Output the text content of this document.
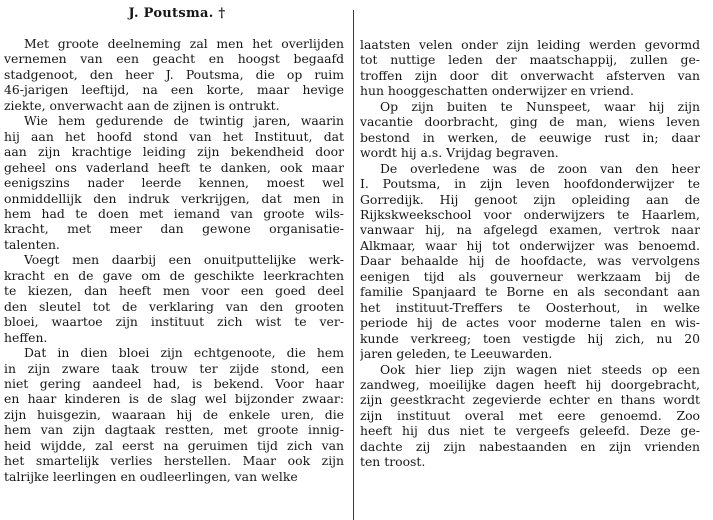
J. Poutsma. †
Met groote deelneming zal men het overlijden
vernemen van een geacht en hoogst begaafd
stadgenoot, den heer J. Poutsma, die op ruim
46-jarigen leeftijd, na een korte, maar hevige
ziekte, onverwacht aan de zijnen is ontrukt.
Wie hem gedurende de twintig jaren, waarin
hij aan het hoofd stond van het Instituut, dat
aan zijn krachtige leiding zijn bekendheid door
geheel ons vaderland heeft te danken, ook maar
eenigszins nader leerde kennen, moest wel
onmiddellijk den indruk verkrijgen, dat men in
hem had te doen met iemand van groote wils-
kracht, met meer dan gewone organisatie-
talenten.
Voegt men daarbij een onuitputtelijke werk-
kracht en de gave om de geschikte leerkrachten
te kiezen, dan heeft men voor een goed deel
den sleutel tot de verklaring van den grooten
bloei, waartoe zijn instituut zich wist te ver-
heffen.
Dat in dien bloei zijn echtgenoote, die hem
in zijn zware taak trouw ter zijde stond, een
niet gering aandeel had, is bekend. Voor haar
en haar kinderen is de slag wel bijzonder zwaar:
zijn huisgezin, waaraan hij de enkele uren, die
hem van zijn dagtaak restten, met groote innig-
heid wijdde, zal eerst na geruimen tijd zich van
het smartelijk verlies herstellen. Maar ook zijn
talrijke leerlingen en oudleerlingen, van welke
laatsten velen onder zijn leiding werden gevormd
tot nuttige leden der maatschappij, zullen ge-
troffen zijn door dit onverwacht afsterven van
hun hooggeschatten onderwijzer en vriend.
Op zijn buiten te Nunspeet, waar hij zijn
vacantie doorbracht, ging de man, wiens leven
bestond in werken, de eeuwige rust in; daar
wordt hij a.s. Vrijdag begraven.
De overledene was de zoon van den heer
I. Poutsma, in zijn leven hoofdonderwijzer te
Gorredijk. Hij genoot zijn opleiding aan de
Rijkskweekschool voor onderwijzers te Haarlem,
vanwaar hij, na afgelegd examen, vertrok naar
Alkmaar, waar hij tot onderwijzer was benoemd.
Daar behaalde hij de hoofdacte, was vervolgens
eenigen tijd als gouverneur werkzaam bij de
familie Spanjaard te Borne en als secondant aan
het instituut-Treffers te Oosterhout, in welke
periode hij de actes voor moderne talen en wis-
kunde verkreeg; toen vestigde hij zich, nu 20
jaren geleden, te Leeuwarden.
Ook hier liep zijn wagen niet steeds op een
zandweg, moeilijke dagen heeft hij doorgebracht,
zijn geestkracht zegevierde echter en thans wordt
zijn instituut overal met eere genoemd. Zoo
heeft hij dus niet te vergeefs geleefd. Deze ge-
dachte zij zijn nabestaanden en zijn vrienden
ten troost.
